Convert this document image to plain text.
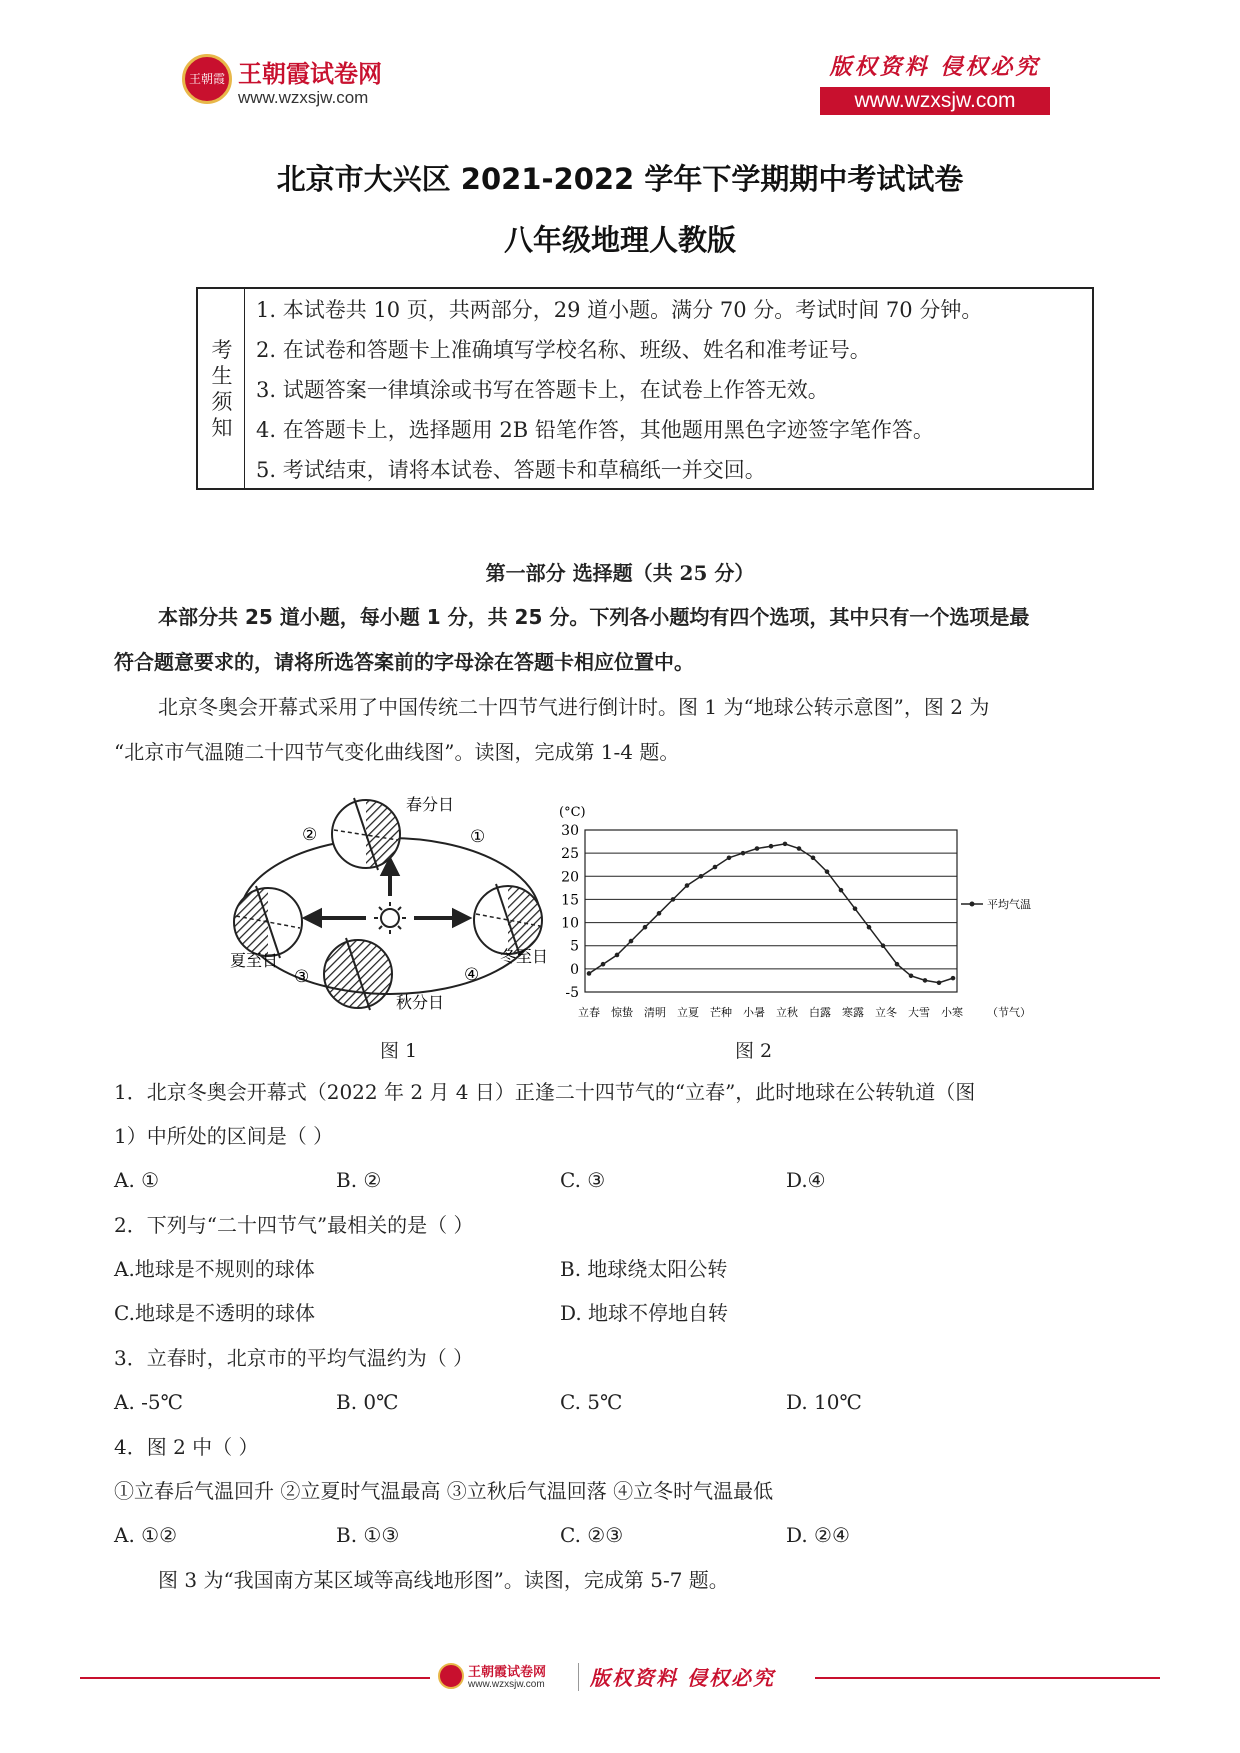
王朝霞 王朝霞试卷网
www.wzxsjw.com
版权资料 侵权必究
www.wzxsjw.com
北京市大兴区 2021-2022 学年下学期期中考试试卷
八年级地理人教版
考生须知
1. 本试卷共 10 页，共两部分，29 道小题。满分 70 分。考试时间 70 分钟。
2. 在试卷和答题卡上准确填写学校名称、班级、姓名和准考证号。
3. 试题答案一律填涂或书写在答题卡上，在试卷上作答无效。
4. 在答题卡上，选择题用 2B 铅笔作答，其他题用黑色字迹签字笔作答。
5. 考试结束，请将本试卷、答题卡和草稿纸一并交回。
第一部分 选择题（共 25 分）
本部分共 25 道小题，每小题 1 分，共 25 分。下列各小题均有四个选项，其中只有一个选项是最
符合题意要求的，请将所选答案前的字母涂在答题卡相应位置中。
北京冬奥会开幕式采用了中国传统二十四节气进行倒计时。图 1 为“地球公转示意图”，图 2 为
“北京市气温随二十四节气变化曲线图”。读图，完成第 1-4 题。
春分日
夏至日	冬至日
秋分日
②	①
③	④
图 1
(°C)
30
25
20
15
10
5
0
-5
立春 惊蛰 清明 立夏 芒种 小暑 立秋 白露 寒露 立冬 大雪 小寒 （节气）
平均气温
图 2
1．北京冬奥会开幕式（2022 年 2 月 4 日）正逢二十四节气的“立春”，此时地球在公转轨道（图
1）中所处的区间是（ ）
A. ①	B. ②	C. ③	D.④
2．下列与“二十四节气”最相关的是（ ）
A.地球是不规则的球体	B. 地球绕太阳公转
C.地球是不透明的球体	D. 地球不停地自转
3．立春时，北京市的平均气温约为（ ）
A. -5℃	B. 0℃	C. 5℃	D. 10℃
4．图 2 中（ ）
①立春后气温回升 ②立夏时气温最高 ③立秋后气温回落 ④立冬时气温最低
A. ①②	B. ①③	C. ②③	D. ②④
图 3 为“我国南方某区域等高线地形图”。读图，完成第 5-7 题。
王朝霞试卷网
www.wzxsjw.com 版权资料 侵权必究
